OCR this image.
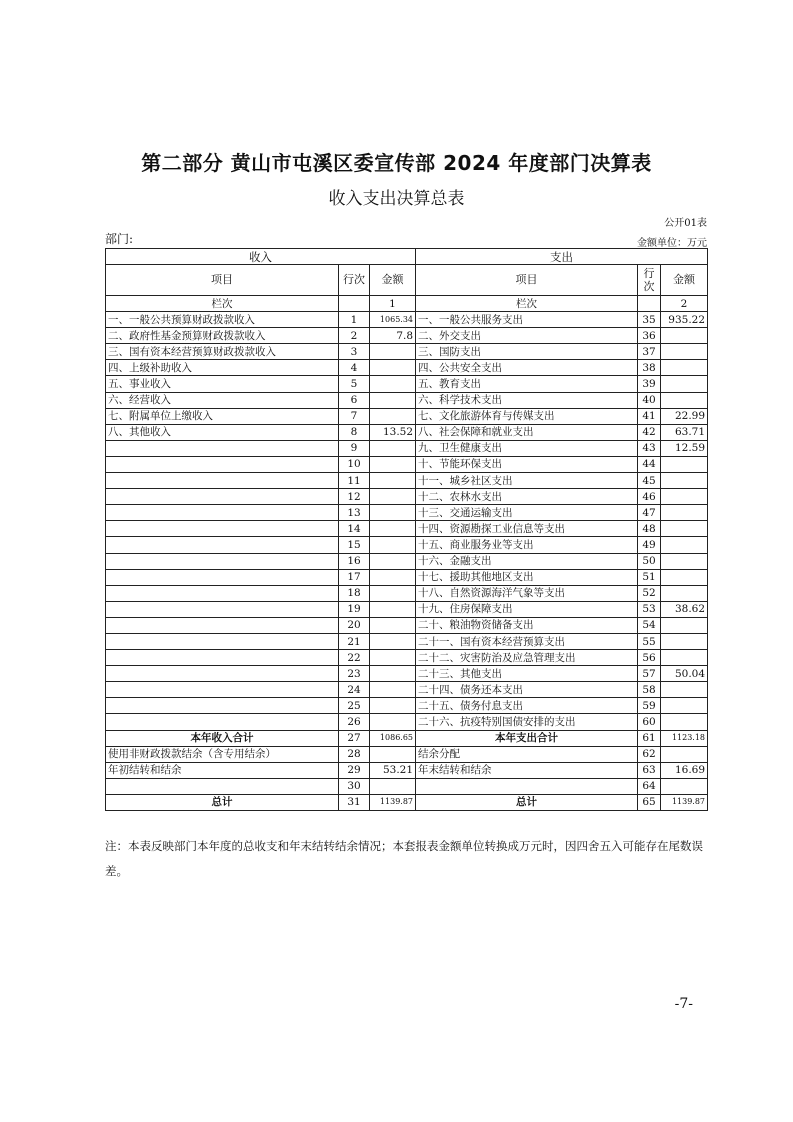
第二部分 黄山市屯溪区委宣传部 2024 年度部门决算表
收入支出决算总表
公开01表
部门:	金额单位：万元
收入			支出		
项目	行次	金额	项目	行次	金额
栏次		1	栏次		2
一、一般公共预算财政拨款收入	1	1065.34	一、一般公共服务支出	35	935.22
二、政府性基金预算财政拨款收入	2	7.8	二、外交支出	36	
三、国有资本经营预算财政拨款收入	3		三、国防支出	37	
四、上级补助收入	4		四、公共安全支出	38	
五、事业收入	5		五、教育支出	39	
六、经营收入	6		六、科学技术支出	40	
七、附属单位上缴收入	7		七、文化旅游体育与传媒支出	41	22.99
八、其他收入	8	13.52	八、社会保障和就业支出	42	63.71
	9		九、卫生健康支出	43	12.59
	10		十、节能环保支出	44	
	11		十一、城乡社区支出	45	
	12		十二、农林水支出	46	
	13		十三、交通运输支出	47	
	14		十四、资源勘探工业信息等支出	48	
	15		十五、商业服务业等支出	49	
	16		十六、金融支出	50	
	17		十七、援助其他地区支出	51	
	18		十八、自然资源海洋气象等支出	52	
	19		十九、住房保障支出	53	38.62
	20		二十、粮油物资储备支出	54	
	21		二十一、国有资本经营预算支出	55	
	22		二十二、灾害防治及应急管理支出	56	
	23		二十三、其他支出	57	50.04
	24		二十四、债务还本支出	58	
	25		二十五、债务付息支出	59	
	26		二十六、抗疫特别国债安排的支出	60	
本年收入合计	27	1086.65	本年支出合计	61	1123.18
使用非财政拨款结余（含专用结余）	28		结余分配	62	
年初结转和结余	29	53.21	年末结转和结余	63	16.69
	30			64	
总计	31	1139.87	总计	65	1139.87
注：本表反映部门本年度的总收支和年末结转结余情况；本套报表金额单位转换成万元时，因四舍五入可能存在尾数误差。
-7-
